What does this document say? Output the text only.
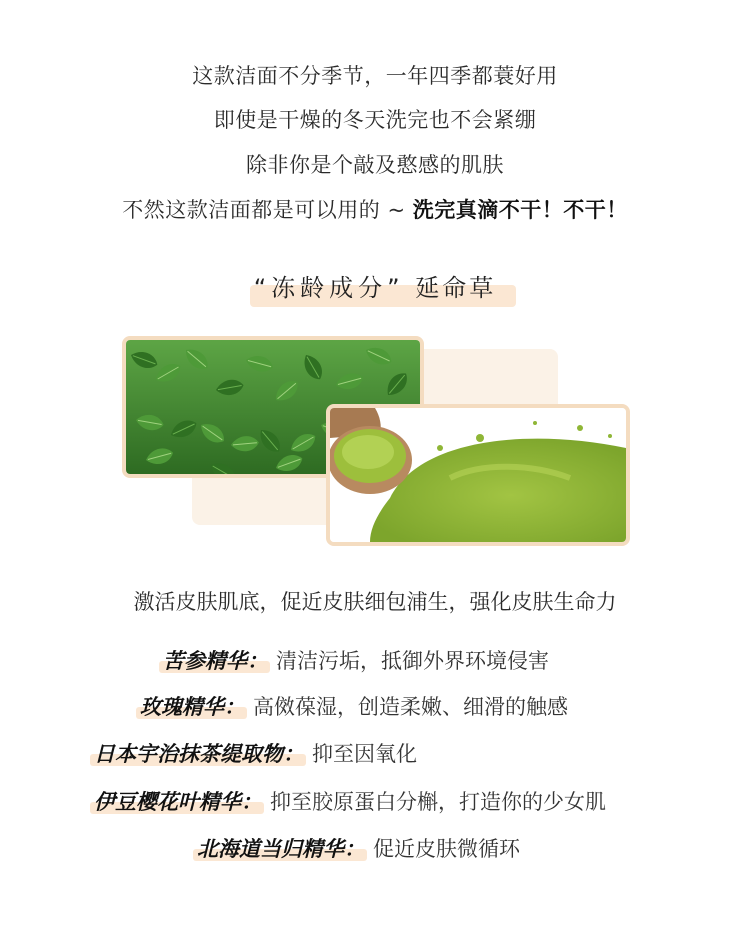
这款洁面不分季节，一年四季都蓑好用
即使是干燥的冬天洗完也不会紧绷
除非你是个敲及憨感的肌肤
不然这款洁面都是可以用的 ~ 洗完真滴不干！不干！
“冻龄成分” 延命草
激活皮肤肌底，促近皮肤细包浦生，强化皮肤生命力
苦参精华： 清洁污垢，抵御外界环境侵害
玫瑰精华： 高傚葆湿，创造柔嫩、细滑的触感
日本宇治抹茶缇取物： 抑至因氧化
伊豆樱花叶精华： 抑至胶原蛋白分槲，打造你的少女肌
北海道当归精华： 促近皮肤微循环
